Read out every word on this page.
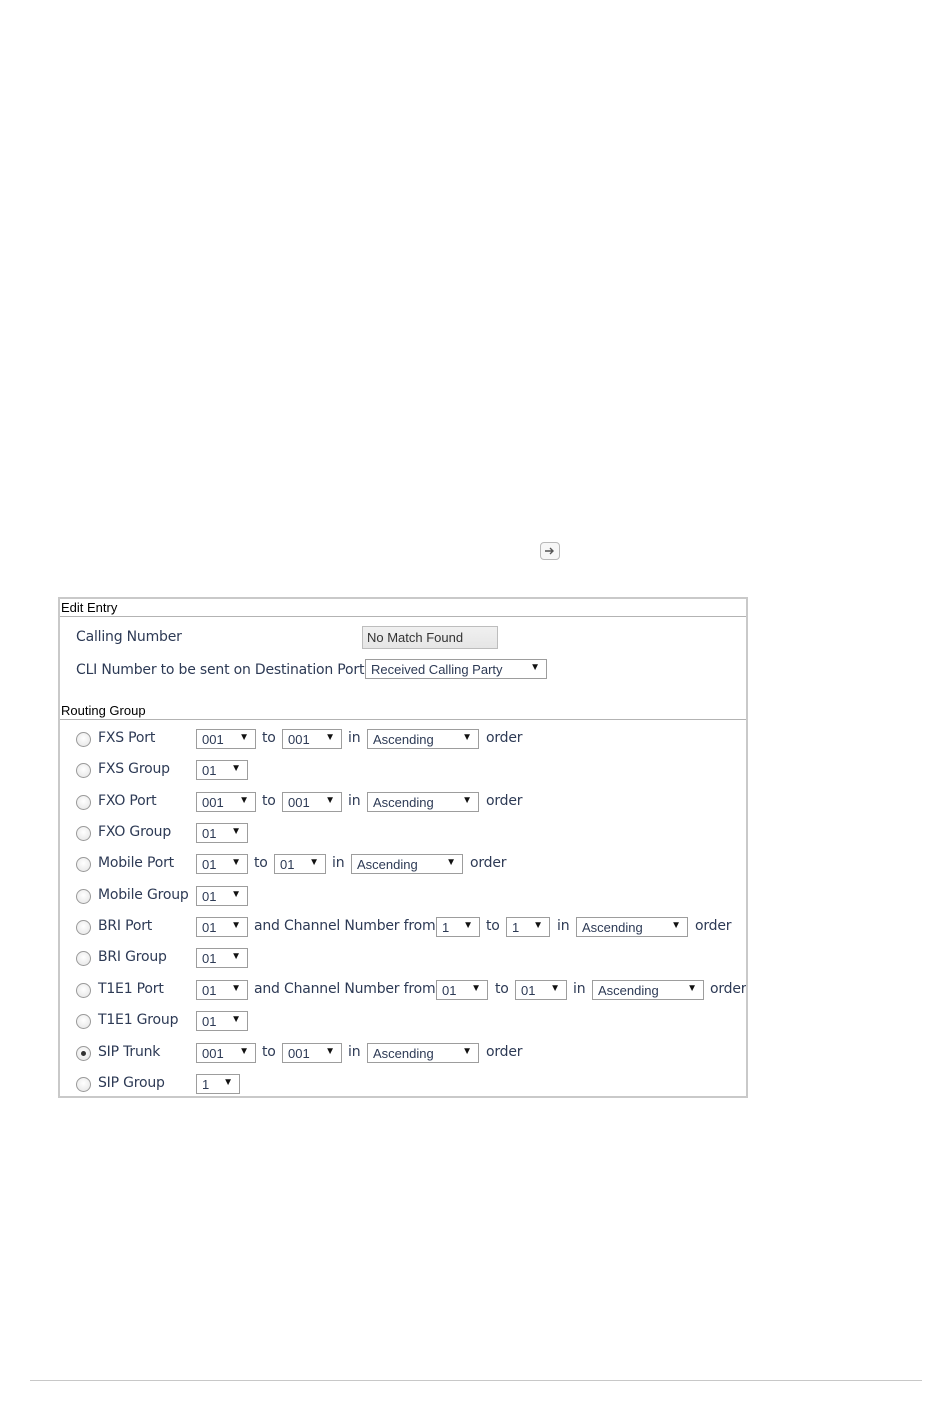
Edit Entry
Calling Number	No Match Found
CLI Number to be sent on Destination Port Received Calling Party	▼
Routing Group
FXS Port	001 ▼ to 001 ▼ in Ascending	▼ order
FXS Group 01 ▼
FXO Port	001 ▼ to 001 ▼ in Ascending	▼ order
FXO Group 01 ▼
Mobile Port 01 ▼ to 01 ▼ in Ascending	▼ order
Mobile Group 01 ▼
BRI Port	01 ▼ and Channel Number from 1 ▼ to 1 ▼ in Ascending	▼ order
BRI Group	01 ▼
T1E1 Port	01 ▼ and Channel Number from 01 ▼ to 01 ▼ in Ascending	▼ order
T1E1 Group 01 ▼
SIP Trunk	001 ▼ to 001 ▼ in Ascending	▼ order
SIP Group	1 ▼
